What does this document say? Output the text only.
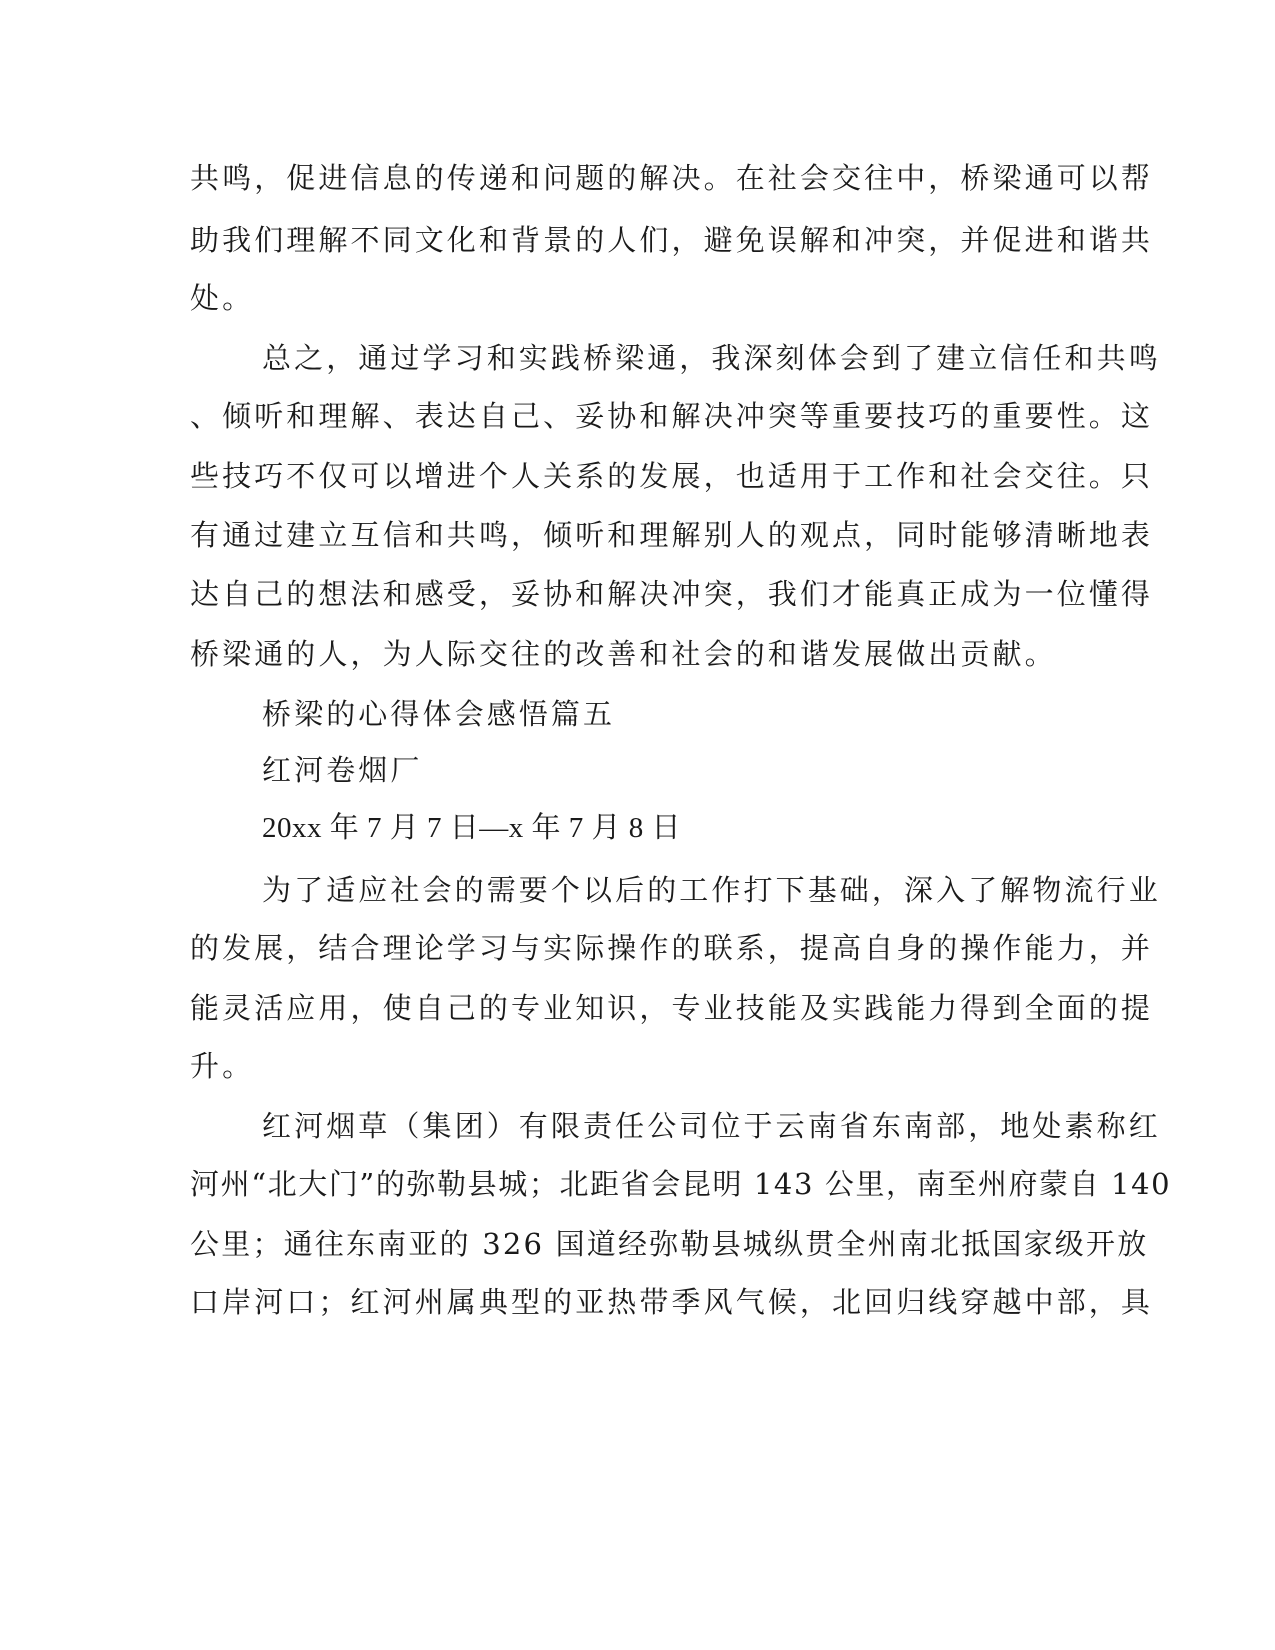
共鸣，促进信息的传递和问题的解决。在社会交往中，桥梁通可以帮
助我们理解不同文化和背景的人们，避免误解和冲突，并促进和谐共
处。
总之，通过学习和实践桥梁通，我深刻体会到了建立信任和共鸣
、倾听和理解、表达自己、妥协和解决冲突等重要技巧的重要性。这
些技巧不仅可以增进个人关系的发展，也适用于工作和社会交往。只
有通过建立互信和共鸣，倾听和理解别人的观点，同时能够清晰地表
达自己的想法和感受，妥协和解决冲突，我们才能真正成为一位懂得
桥梁通的人，为人际交往的改善和社会的和谐发展做出贡献。
桥梁的心得体会感悟篇五
红河卷烟厂
20xx 年 7 月 7 日—x 年 7 月 8 日
为了适应社会的需要个以后的工作打下基础，深入了解物流行业
的发展，结合理论学习与实际操作的联系，提高自身的操作能力，并
能灵活应用，使自己的专业知识，专业技能及实践能力得到全面的提
升。
红河烟草（集团）有限责任公司位于云南省东南部，地处素称红
河州“北大门”的弥勒县城；北距省会昆明 143 公里，南至州府蒙自 140
公里；通往东南亚的 326 国道经弥勒县城纵贯全州南北抵国家级开放
口岸河口；红河州属典型的亚热带季风气候，北回归线穿越中部，具
